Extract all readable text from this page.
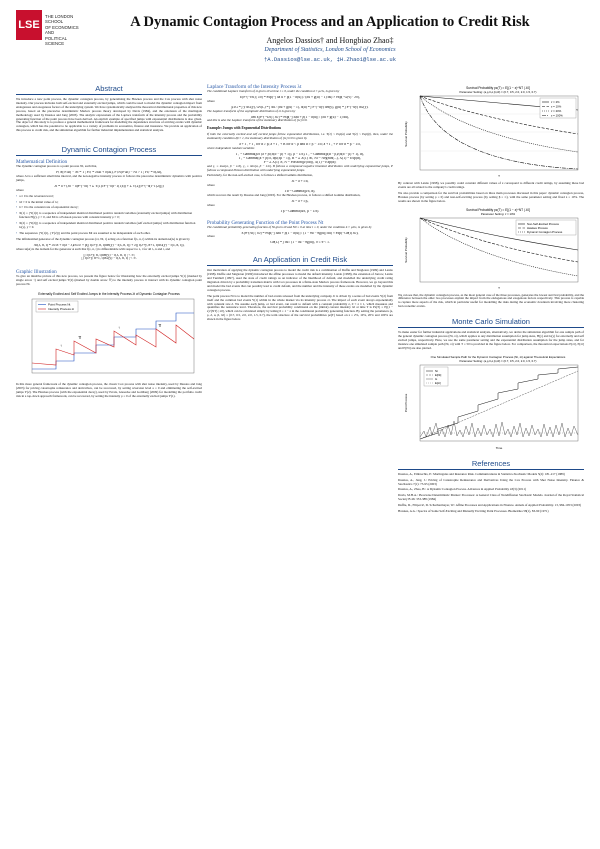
LSE
THE LONDON SCHOOL
OF ECONOMICS AND
POLITICAL SCIENCE
A Dynamic Contagion Process and an Application to Credit Risk
Angelos Dassios† and Hongbiao Zhao‡
Department of Statistics, London School of Economics
†A.Dassios@lse.ac.uk, ‡H.Zhao1@lse.ac.uk
Abstract

We introduce a new point process, the dynamic contagion process, by generalising the Hawkes process and the Cox process with shot noise intensity. Our process includes both self-excited and externally excited jumps, which could be used to model the dynamic contagion impact from endogenous and exogenous factors of the underlying system. We have systematically analysed the theoretical distributional properties of this new process, based on the piecewise deterministic Markov process theory developed by Davis (1984), and the extension of the martingale methodology used by Dassios and Jang (2003). The analytic expressions of the Laplace transform of the intensity process and the probability generating function of the point process have been derived. An explicit example of specified jumps with exponential distributions is also given. The object of this study is to produce a general mathematical framework for modelling the dependence structure of arriving events with dynamic contagion, which has the potential to be applicable to a variety of problems in economics, finance and insurance. We provide an application of this process to credit risk, and the simulation algorithm for further industrial implementation and statistical analysis.

Dynamic Contagion Process
Mathematical Definition

The dynamic contagion process is a point process Nt, such that,

P{N(t+Δt) − Nt = 1 | Ft} = λtΔt + o(Δt), P{N(t+Δt) − Nt > 1 | Ft} = o(Δt),

where Δt is a sufficient small time interval, and the non-negative intensity process λt follows the piecewise deterministic dynamics with positive jumps,

λt = a + (λ0 − a)e^(−δt) + Σ Y(1)i e^(−δ(t−T(1)i)) + Σ Y(2)j e^(−δ(t−T(2)j))

where

• a ≥ 0 is the reversion level;
• λ0 > 0 is the initial value of λt;
• δ > 0 is the constant rate of exponential decay;
• X(1) = {Y(1)i} is a sequence of independent identical distributed positive random variables (externally excited jumps) with distribution function H(y), y > 0, and Mt is a Poisson process with constant intensity ρ > 0;
• X(2) = {Y(2)j} is a sequence of independent identical distributed positive random variables (self excited jumps) with distribution function G(y), y > 0.
• The sequences {Y(1)i}, {Y(2)j} and the point process Mt are assumed to be independent of each other.

The infinitesimal generator of the dynamic contagion process (λt, Nt, t) acting on a function f(λ, n, t) within its domain Ω(A) is given by

Af(λ, n, t) = ∂f/∂t + δ(a − λ)∂f/∂λ + ρ(∫ f(λ+y, n, t)dH(y) − f(λ, n, t)) + λ(∫ f(λ+y, n+1, t)dG(y) − f(λ, n, t)),

where Ω(A) is the domain for the generator A such that f(λ, n, t) is differentiable with respect to λ, t for all λ, n and t, and

| ∫ f(λ+y, n, t)dH(y) − f(λ, n, t) | < ∞;
| ∫ f(λ+y, n+1, t)dG(y) − f(λ, n, t) | < ∞.
Graphic Illustration

To give an intuitive picture of this new process, we present the figure below for illustrating how the externally excited jumps Y(1) (marked by single arrow ↑) and self excited jumps Y(2) (marked by double arrow ⇈) to the intensity process λt interact with its dynamic contagion point process Nt.

Externally Excited and Self Excited Jumps in the Intensity Process λt of Dynamic Contagion Process
Point Process Nt
Intensity Process λt
↑
⇈
↑	⇈

In this more general framework of the dynamic contagion process, the classic Cox process with shot noise intensity, used by Dassios and Jang (2003) for pricing catastrophe reinsurance and derivatives, can be recovered, by setting reversion level a = 0 and eliminating the self-excited jumps Y(2). The Hawkes process (with the exponential decay), used by Errais, Giesecke and Goldberg (2009) for modelling the portfolio credit risk in a top-down approach framework, can be recovered, by setting the intensity ρ = 0 of the externally excited jumps Y(1).

Laplace Transform of the Intensity Process λt

The conditional Laplace transform of λt given λ0 at time t = 0, under the condition δ > μ1G, is given by

E[e^(−vλt) | λ0] = exp(−∫ δa u + ρ[1 − h(u)] / (δu + g(u) − 1) du) × exp(−G̃(v) ⋅ λ0),

where

μ1G = ∫ y dG(y), G̃v(L) = ∫ du / (δu + g(u) − 1), h(u) = ∫ e^(−uy) dH(y), g(u) = ∫ e^(−uy) dG(y).

The Laplace transform of the asymptotic distribution of λt is given by

lim E[e^(−vλt) | λ0] = exp(−∫ δau + ρ[1 − h(u)] / (δu + g(u) − 1) du),

and this is also the Laplace transform of the stationary distribution of {λt} t≥0.

Example: Jumps with Exponential Distributions

If both the externally excited and self excited jumps follow exponential distributions, i.e. Y(1) ~ Exp(α) and Y(2) ~ Exp(β), then, under the stationarity condition δβ > 1, the stationary distribution of {λt} t≥0 is given by

a + Γ₁ + Γ₂ for α ≥ β; a + Γ₁ + B for α < β and α ≠ β − 1/δ; a + Γ₃ + P for α = β − 1/δ,

where independent random variables

Γ₁ ~ Gamma(ρ/δ (a + ρ/(δ(α − β) + 1)), β − 1/δ), Γ₂ ~ Gamma(ρ(α − β)/(δ(α − β) + 1), α),
Γ₃ ~ Gamma((a + ρ)/δ, αβ/(δβ − 1)), B ~ Σ X(1) Ni, Ni ~ NegBin(...), X(1) ~ Exp(α),
P ~ Σ X(1) N, N ~ Poisson(ρ/(δα)), X(1) ~ Exp(α);

and γ₁ = max{α, β − 1/δ}, γ₂ = min{α, β − 1/δ}. B follows a compound negative binomial distribution with underlying exponential jumps, P follows a compound Poisson distribution with underlying exponential jumps.

Particularly, for the non-self-excited case, λt follows a shifted Gamma distribution,

λt ~ a + Γα,

where

Γα ~ Gamma(ρ/δ, α),

which recovers the result by Dassios and Jang (2003). For the Hawkes process, λt follows a shifted Gamma distribution,

λt ~ a + Γβ,

where

Γβ ~ Gamma(a/δ, β − 1/δ).
Probability Generating Function of the Point Process Nt

The conditional probability generating function of Nt given λ0 and N0 = 0 at time t = 0, under the condition δ > μ1G, is given by

E[θ^(Nt) | λ0] = exp(−∫ δau + ρ[1 − h(u)] / (1 − θu − θg(u)) du) × exp(−G̃θ(t) λ0),

where

G̃θ(L) = ∫ du / (1 − δu − θg(u)), 0 ≤ θ < 1.
An Application in Credit Risk

Our motivation of applying the dynamic contagion process to model the credit risk is a combination of Duffie and Singleton (1999) and Lando (1998). Duffie and Singleton (1999) introduced the affine processes to model the default intensity. Lando (1998), the extension of Jarrow, Lando and Turnbull (1997), used the state of credit ratings as an indicator of the likelihood of default, and modelled the underlying credit rating migration driven by a probability transition matrix with Cox processes in a finite-state Markov process framework. However, we go beyond this and model the bad events that can possibly lead to credit default, and the number and the intensity of these events are modelled by the dynamic contagion process.

The point process Nt is to model the number of bad events released from the underlying company. It is driven by a series of bad events Y(2) from itself and the common bad events Y(1) within in the whole market via its intensity process λt. The impact of each event decays exponentially with constant rate δ. We assume each jump, or bad event, can result to default with a constant probability z, 0 < z ≤ 1, which measures and quantifies the resistance level. Therefore, the survival probability conditional on the (initial) current intensity λ0 at time T is Pz(T) = E[(1 − z)^(NT) | λ0], which can be calculated simply by letting θ = 1 − z in the conditional probability generating function. By setting the parameters (a, ρ, δ, α, β, λ0) = (0.7, 0.5, 2.0, 2.0, 1.5, 0.7), the term structure of the survival probabilities pz(T) based on z = 2%, 10%, 20% and 100% are shown in the figure below.

Survival Probability pz(T) = E[(1 − z)^NT | λ0]
Parameter Setting: (a,ρ,δ,α,β,λ0) = (0.7, 0.5, 2.0, 2.0, 1.5, 0.7)
Survival Probability
T
z = 2%
z = 10%
z = 20%
z = 100%

By contrast with Lando (1998), we possibly could consider different values of z correspond to different credit ratings, by assuming these bad events are all related to the company's credit ratings.

We also provide a comparison for the survival probabilities based on three main processes discussed in this paper: dynamic contagion process, Hawkes process (by setting ρ = 0) and non-self-exciting process (by setting β = ∞), with the same parameter setting and fixed z = 10%. The results are shown in the figure below.

Survival Probability pz(T) = E[(1 − z)^NT | λ0]
Parameter Setting: z = 10%
Survival Probability
T
Non-Self-Excited Process
Hawkes Process
Dynamic Contagion Process

We can see that, the dynamic contagion process, as the most general case of the three processes, generates the lowest survival probability, and the difference between the other two processes explain the impact from the endogenous and exogenous factors respectively. This process is capable to capture more aspects of the risk, which in particular useful for modelling the risks during the economic downturn involving more clustering bad economic events.

Monte Carlo Simulation

To make easier for further industrial applications and statistical analysis, alternatively, we derive the simulation algorithm for one sample path of the general dynamic contagion process (Nt, λt), which applies to any distribution assumption for jump sizes, H(y) and G(y) for externally and self excited jumps, respectively. Here, we use the same parameter setting and the exponential distribution assumption for the jump sizes, and for instance one simulated sample path (Nt, λt) with T = 50 is provided in the figure below. For comparison, the theoretical expectations E[λt], E[λt] and E[Nt] are also plotted.

One Simulated Sample Path for the Dynamic Contagion Process (Nt, λt) against Theoretical Expectations
Parameter Setting: (a,ρ,δ,α,β,λ0) = (0.7, 0.5, 2.0, 2.0, 1.5, 0.7)
Point Process
Time
Nt
E[Nt]
λt
E[λt]
References

Dassios, A., Embrechts, P.: Martingales and Insurance Risk. Communications in Statistics-Stochastic Models 5(2): 181-217 (1989)

Dassios, A., Jang, J.: Pricing of Catastrophe Reinsurance and Derivatives Using the Cox Process with Shot Noise Intensity. Finance & Stochastics 7(1): 73-95 (2003)

Dassios, A., Zhao, H.: A Dynamic Contagion Process. Advances in Applied Probability 43(3) (2011)

Davis, M.H.A.: Piecewise Deterministic Markov Processes: A General Class of Nondiffusion Stochastic Models. Journal of the Royal Statistical Society B 46: 353-388 (1984)

Duffie, D., Filipović, D. Schachermayer, W.: Affine Processes and Applications in Finance. Annals of Applied Probability. 13, 984-1053 (2003)

Hawkes, A.G.: Spectra of Some Self-Exciting and Mutually Exciting Point Processes. Biometrika 58(1), 83-90 (1971)
